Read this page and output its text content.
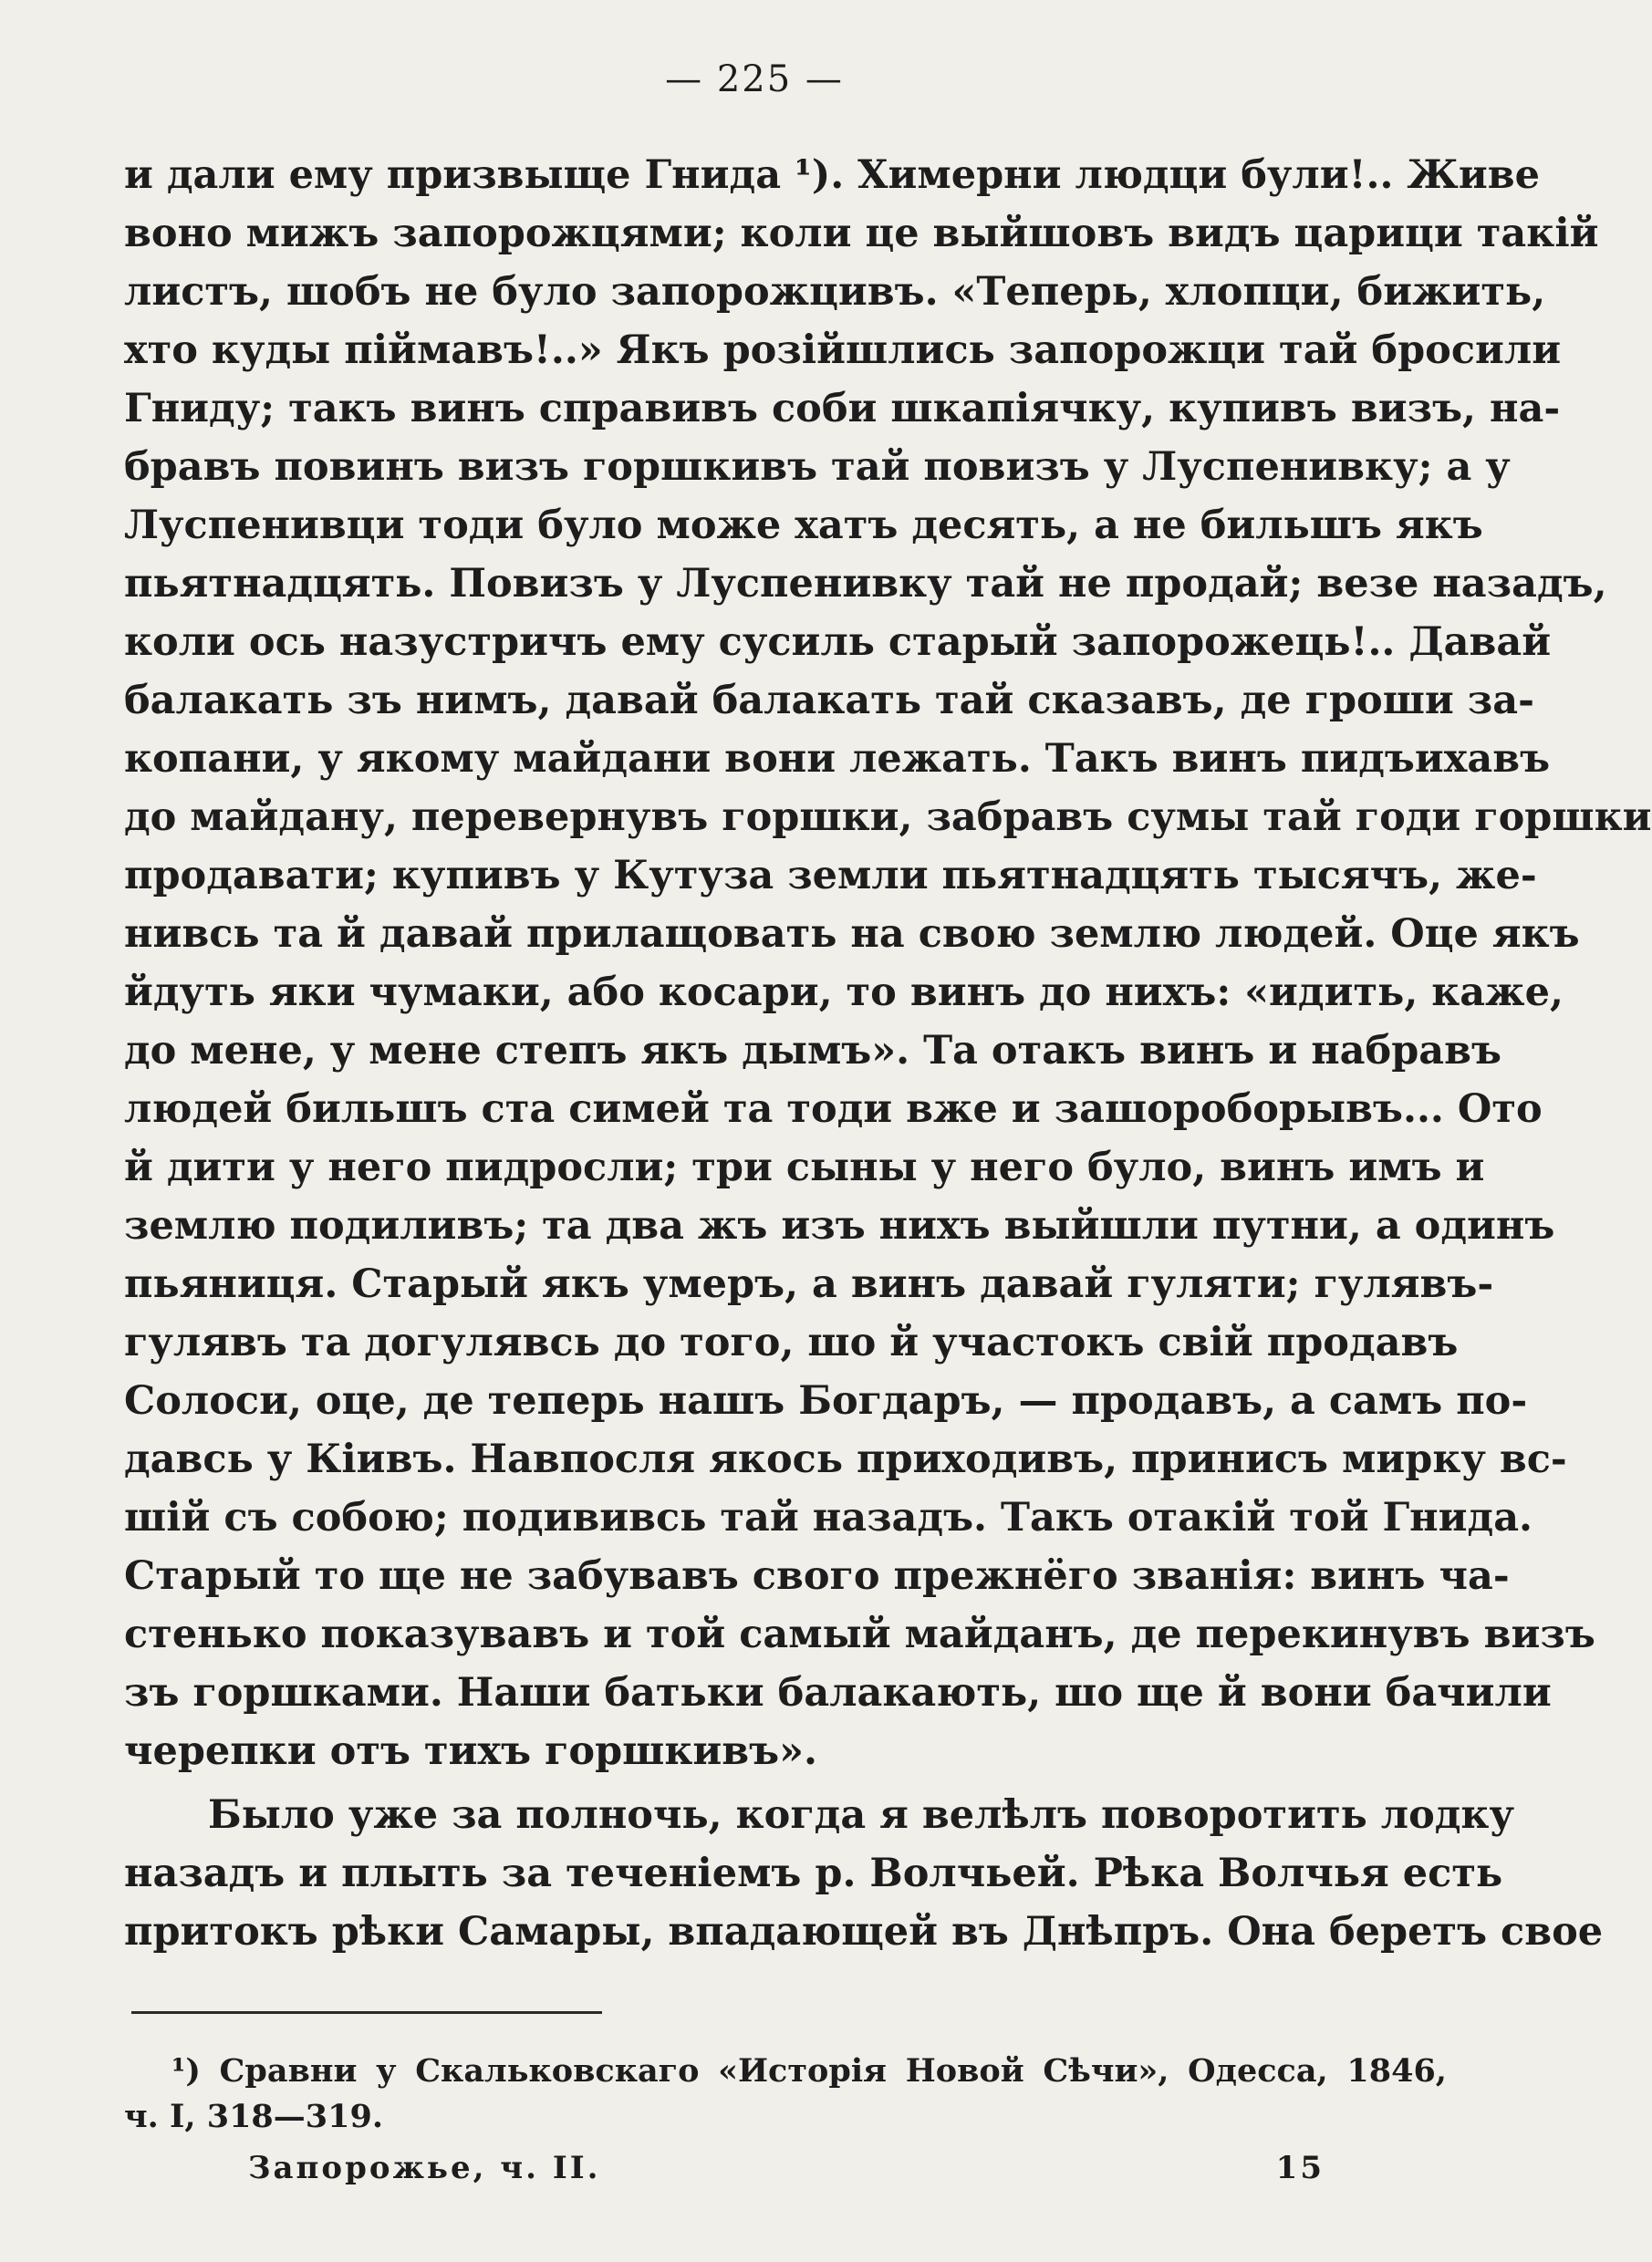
— 225 —
и дали ему призвыще Гнида ¹). Химерни людци були!.. Живе
воно мижъ запорожцями; коли це выйшовъ видъ царици такій
листъ, шобъ не було запорожцивъ. «Теперь, хлопци, бижить,
хто куды піймавъ!..» Якъ розійшлись запорожци тай бросили
Гниду; такъ винъ справивъ соби шкапіячку, купивъ визъ, на-
бравъ повинъ визъ горшкивъ тай повизъ у Луспенивку; а у
Луспенивци тоди було може хатъ десять, а не бильшъ якъ
пьятнадцять. Повизъ у Луспенивку тай не продай; везе назадъ,
коли ось назустричъ ему сусиль старый запорожець!.. Давай
балакать зъ нимъ, давай балакать тай сказавъ, де гроши за-
копани, у якому майдани вони лежать. Такъ винъ пидъихавъ
до майдану, перевернувъ горшки, забравъ сумы тай годи горшки
продавати; купивъ у Кутуза земли пьятнадцять тысячъ, же-
нивсь та й давай прилащовать на свою землю людей. Оце якъ
йдуть яки чумаки, або косари, то винъ до нихъ: «идить, каже,
до мене, у мене степъ якъ дымъ». Та отакъ винъ и набравъ
людей бильшъ ста симей та тоди вже и зашороборывъ... Ото
й дити у него пидросли; три сыны у него було, винъ имъ и
землю подиливъ; та два жъ изъ нихъ выйшли путни, а одинъ
пьяниця. Старый якъ умеръ, а винъ давай гуляти; гулявъ-
гулявъ та догулявсь до того, шо й участокъ свій продавъ
Солоси, оце, де теперь нашъ Богдаръ, — продавъ, а самъ по-
давсь у Кіивъ. Навпосля якось приходивъ, принисъ мирку вс-
шій съ собою; подививсь тай назадъ. Такъ отакій той Гнида.
Старый то ще не забувавъ свого прежнёго званія: винъ ча-
стенько показувавъ и той самый майданъ, де перекинувъ визъ
зъ горшками. Наши батьки балакають, шо ще й вони бачили
черепки отъ тихъ горшкивъ».
Было уже за полночь, когда я велѣлъ поворотить лодку
назадъ и плыть за теченіемъ р. Волчьей. Рѣка Волчья есть
притокъ рѣки Самары, впадающей въ Днѣпръ. Она беретъ свое
¹) Сравни у Скальковскаго «Исторія Новой Сѣчи», Одесса, 1846,
ч. I, 318—319.
Запорожье, ч. II.	15
